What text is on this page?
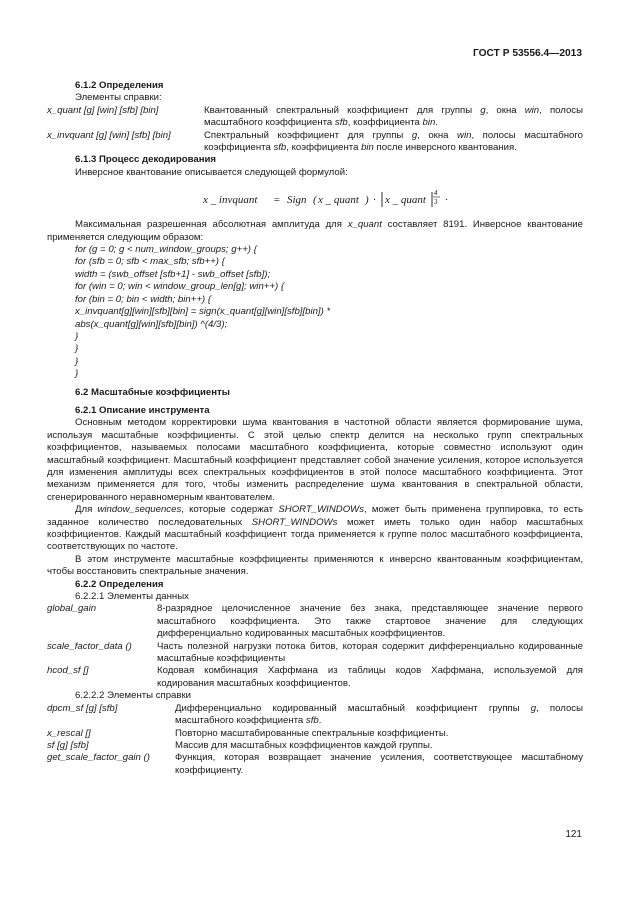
ГОСТ Р 53556.4—2013

6.1.2 Определения

Элементы справки:

x_quant [g] [win] [sfb] [bin]	Квантованный спектральный коэффициент для группы g, окна win, полосы масштабного коэффициента sfb, коэффициента bin.
x_invquant [g] [win] [sfb] [bin]	Спектральный коэффициент для группы g, окна win, полосы масштабного коэффициента sfb, коэффициента bin после инверсного квантования.

6.1.3 Процесс декодирования

Инверсное квантование описывается следующей формулой:

x _ invquant = Sign ( x _ quant ) · x _ quant
4
3 ·

Максимальная разрешенная абсолютная амплитуда для x_quant составляет 8191. Инверсное квантование применяется следующим образом:

for (g = 0; g < num_window_groups; g++) {
for (sfb = 0; sfb < max_sfb; sfb++) {
width = (swb_offset [sfb+1] - swb_offset [sfb]);
for (win = 0; win < window_group_len[g]; win++) {
for (bin = 0; bin < width; bin++) {
x_invquant[g][win][sfb][bin] = sign(x_quant[g][win][sfb][bin]) *
abs(x_quant[g][win][sfb][bin]) ^(4/3);
}
}
}
}

6.2 Масштабные коэффициенты

6.2.1 Описание инструмента

Основным методом корректировки шума квантования в частотной области является формирование шума, используя масштабные коэффициенты. С этой целью спектр делится на несколько групп спектральных коэффициентов, называемых полосами масштабного коэффициента, которые совместно используют один масштабный коэффициент. Масштабный коэффициент представляет собой значение усиления, которое используется для изменения амплитуды всех спектральных коэффициентов в этой полосе масштабного коэффициента. Этот механизм применяется для того, чтобы изменить распределение шума квантования в спектральной области, сгенерированного неравномерным квантователем.

Для window_sequences, которые содержат SHORT_WINDOWs, может быть применена группировка, то есть заданное количество последовательных SHORT_WINDOWs может иметь только один набор масштабных коэффициентов. Каждый масштабный коэффициент тогда применяется к группе полос масштабного коэффициента, соответствующих по частоте.

В этом инструменте масштабные коэффициенты применяются к инверсно квантованным коэффициентам, чтобы восстановить спектральные значения.

6.2.2 Определения

6.2.2.1 Элементы данных

global_gain	8-разрядное целочисленное значение без знака, представляющее значение первого масштабного коэффициента. Это также стартовое значение для следующих дифференциально кодированных масштабных коэффициентов.
scale_factor_data ()	Часть полезной нагрузки потока битов, которая содержит дифференциально кодированные масштабные коэффициенты
hcod_sf []	Кодовая комбинация Хаффмана из таблицы кодов Хаффмана, используемой для кодирования масштабных коэффициентов.

6.2.2.2 Элементы справки

dpcm_sf [g] [sfb]	Дифференциально кодированный масштабный коэффициент группы g, полосы масштабного коэффициента sfb.
x_rescal []	Повторно масштабированные спектральные коэффициенты.
sf [g] [sfb]	Массив для масштабных коэффициентов каждой группы.
get_scale_factor_gain ()	Функция, которая возвращает значение усиления, соответствующее масштабному коэффициенту.
121
